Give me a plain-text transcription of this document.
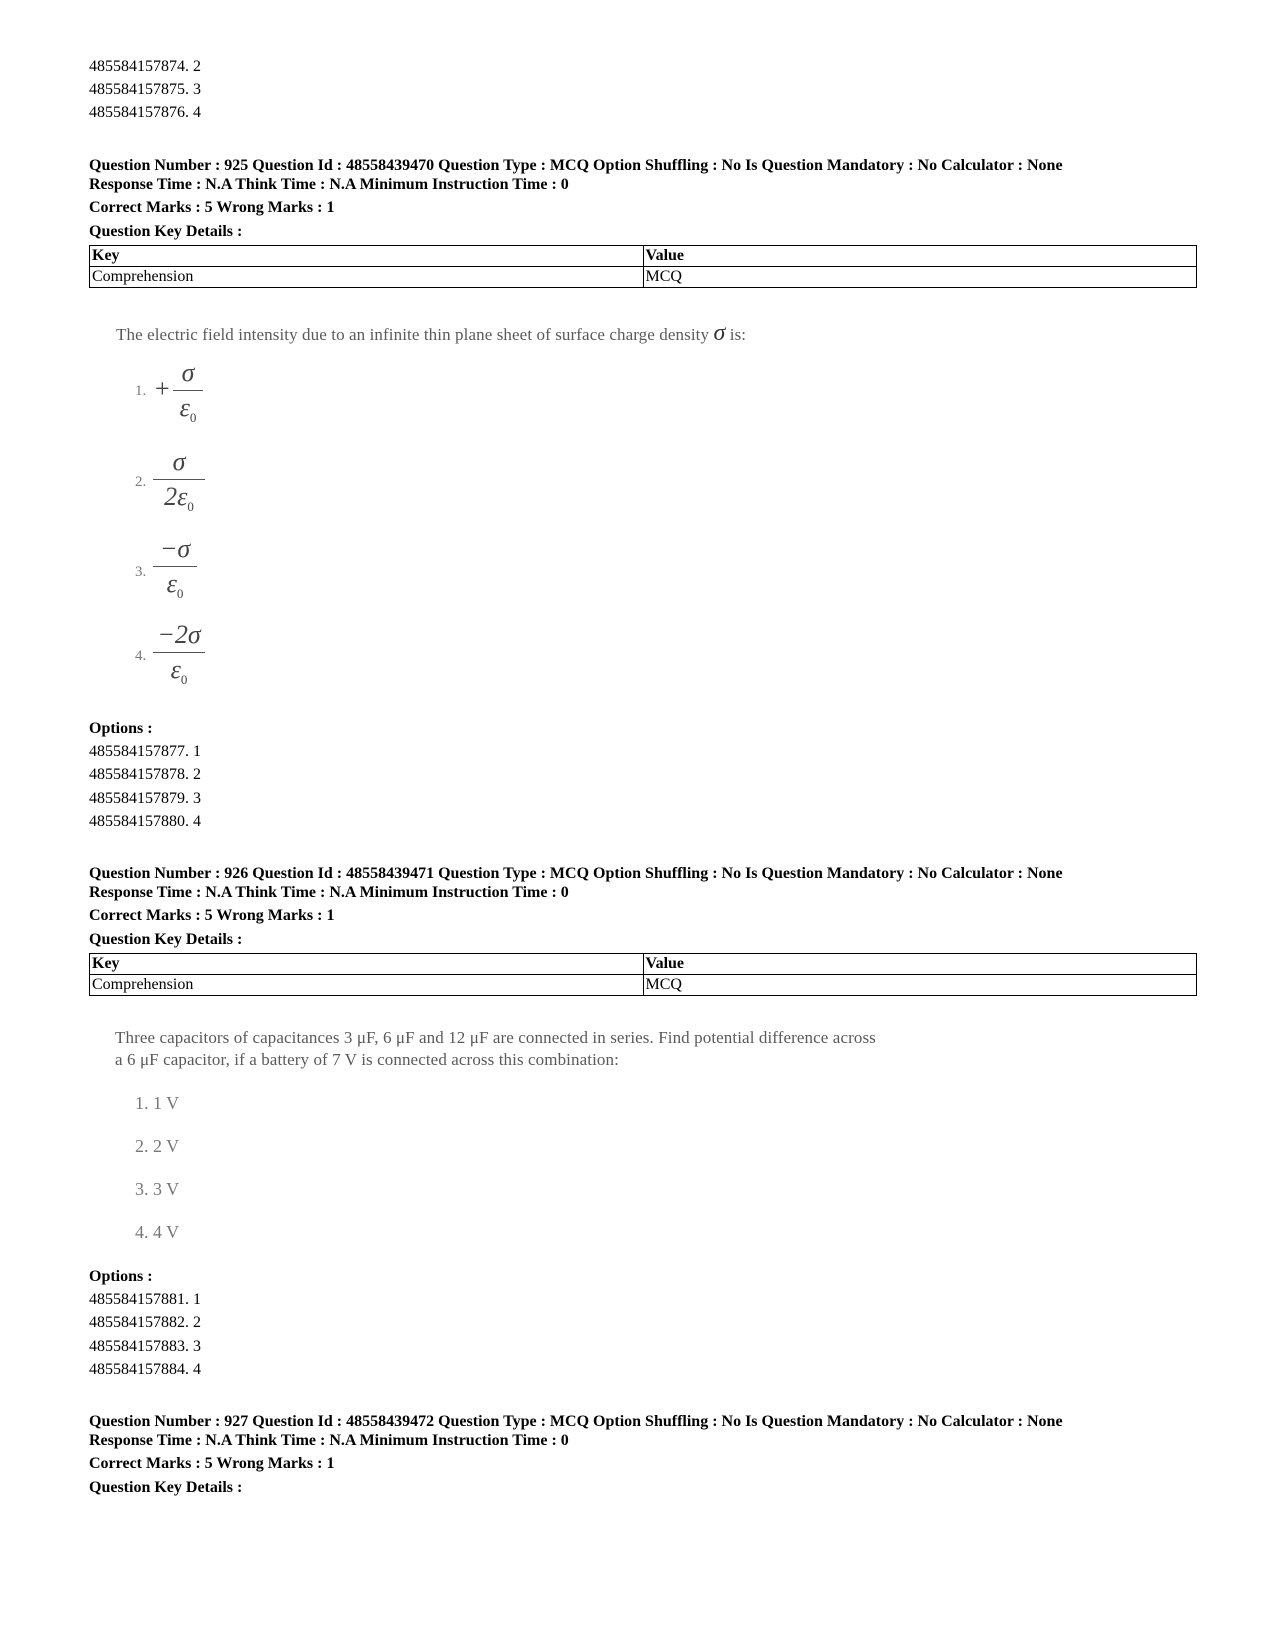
485584157874. 2
485584157875. 3
485584157876. 4
Question Number : 925 Question Id : 48558439470 Question Type : MCQ Option Shuffling : No Is Question Mandatory : No Calculator : None
Response Time : N.A Think Time : N.A Minimum Instruction Time : 0
Correct Marks : 5 Wrong Marks : 1
Question Key Details :
Key	Value
Comprehension	MCQ
The electric field intensity due to an infinite thin plane sheet of surface charge density σ is:
1. +
σ
$\varepsilon_0$
2.
σ
$2\varepsilon_0$
3.
−σ
$\varepsilon_0$
4.
−2σ
$\varepsilon_0$
Options :
485584157877. 1
485584157878. 2
485584157879. 3
485584157880. 4
Question Number : 926 Question Id : 48558439471 Question Type : MCQ Option Shuffling : No Is Question Mandatory : No Calculator : None
Response Time : N.A Think Time : N.A Minimum Instruction Time : 0
Correct Marks : 5 Wrong Marks : 1
Question Key Details :
Key	Value
Comprehension	MCQ
Three capacitors of capacitances 3 μF, 6 μF and 12 μF are connected in series. Find potential difference across
a 6 μF capacitor, if a battery of 7 V is connected across this combination:
1. 1 V
2. 2 V
3. 3 V
4. 4 V
Options :
485584157881. 1
485584157882. 2
485584157883. 3
485584157884. 4
Question Number : 927 Question Id : 48558439472 Question Type : MCQ Option Shuffling : No Is Question Mandatory : No Calculator : None
Response Time : N.A Think Time : N.A Minimum Instruction Time : 0
Correct Marks : 5 Wrong Marks : 1
Question Key Details :
